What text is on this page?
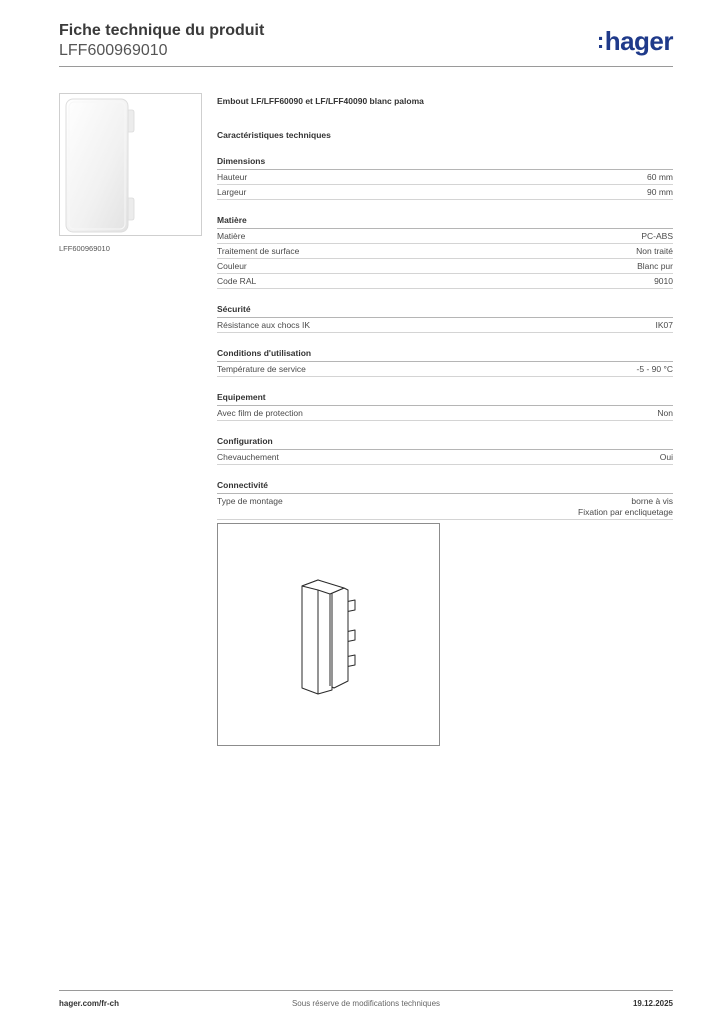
Fiche technique du produit
LFF600969010	:hager
LFF600969010
Embout LF/LFF60090 et LF/LFF40090 blanc paloma
Caractéristiques techniques
Dimensions
Hauteur	60 mm
Largeur	90 mm
Matière
Matière	PC-ABS
Traitement de surface	Non traité
Couleur	Blanc pur
Code RAL	9010
Sécurité
Résistance aux chocs IK	IK07
Conditions d'utilisation
Température de service	-5 - 90 °C
Equipement
Avec film de protection	Non
Configuration
Chevauchement	Oui
Connectivité
Type de montage	borne à vis
Fixation par encliquetage
hager.com/fr-ch	Sous réserve de modifications techniques	19.12.2025
